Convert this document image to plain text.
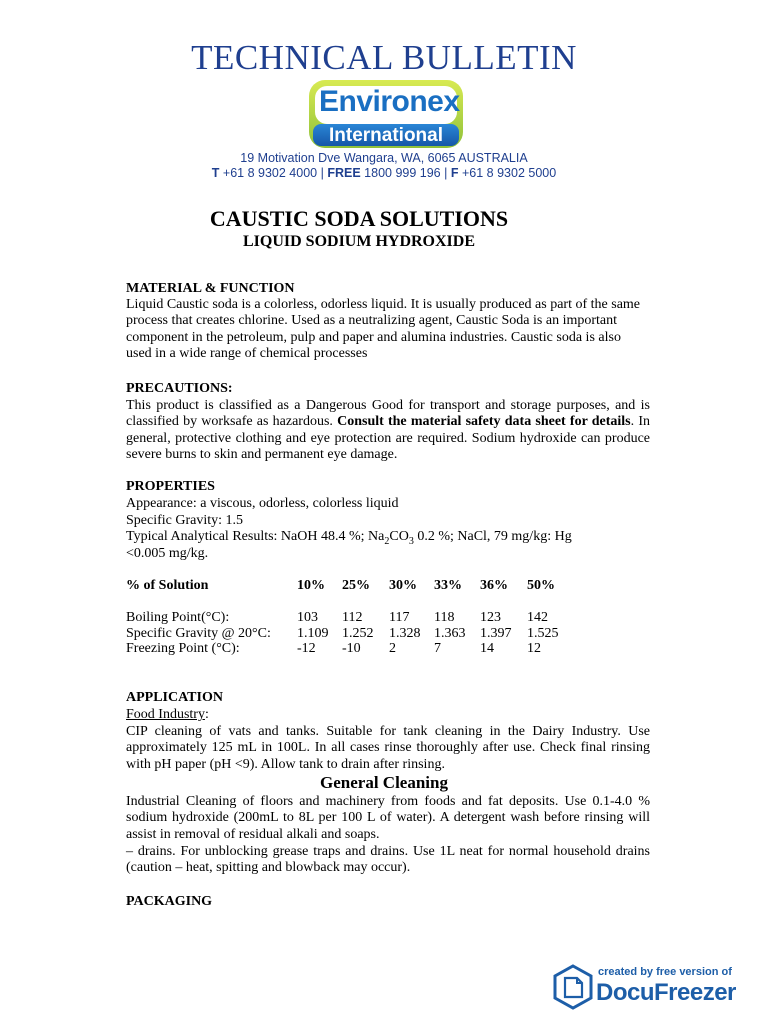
TECHNICAL BULLETIN
Environex
International
19 Motivation Dve Wangara, WA, 6065 AUSTRALIA
T +61 8 9302 4000 | FREE 1800 999 196 | F +61 8 9302 5000
CAUSTIC SODA SOLUTIONS
LIQUID SODIUM HYDROXIDE
MATERIAL & FUNCTION
Liquid Caustic soda is a colorless, odorless liquid. It is usually produced as part of the same process that creates chlorine. Used as a neutralizing agent, Caustic Soda is an important component in the petroleum, pulp and paper and alumina industries. Caustic soda is also used in a wide range of chemical processes
PRECAUTIONS:
This product is classified as a Dangerous Good for transport and storage purposes, and is classified by worksafe as hazardous. Consult the material safety data sheet for details. In general, protective clothing and eye protection are required. Sodium hydroxide can produce severe burns to skin and permanent eye damage.
PROPERTIES
Appearance: a viscous, odorless, colorless liquid
Specific Gravity: 1.5
Typical Analytical Results: NaOH 48.4 %; $Na_2CO_3$ 0.2 %; NaCl, 79 mg/kg: Hg
<0.005 mg/kg.
% of Solution	10% 25% 30% 33% 36% 50%
Boiling Point(°C):	103 112 117 118 123 142
Specific Gravity @ 20°C: 1.109 1.252 1.328 1.363 1.397 1.525
Freezing Point (°C):	-12 -10 2	7	14 12
APPLICATION
Food Industry:
CIP cleaning of vats and tanks. Suitable for tank cleaning in the Dairy Industry. Use approximately 125 mL in 100L. In all cases rinse thoroughly after use. Check final rinsing with pH paper (pH <9). Allow tank to drain after rinsing.
General Cleaning
Industrial Cleaning of floors and machinery from foods and fat deposits. Use 0.1-4.0 % sodium hydroxide (200mL to 8L per 100 L of water). A detergent wash before rinsing will assist in removal of residual alkali and soaps.
– drains. For unblocking grease traps and drains. Use 1L neat for normal household drains (caution – heat, spitting and blowback may occur).
PACKAGING
created by free version of
DocuFreezer
